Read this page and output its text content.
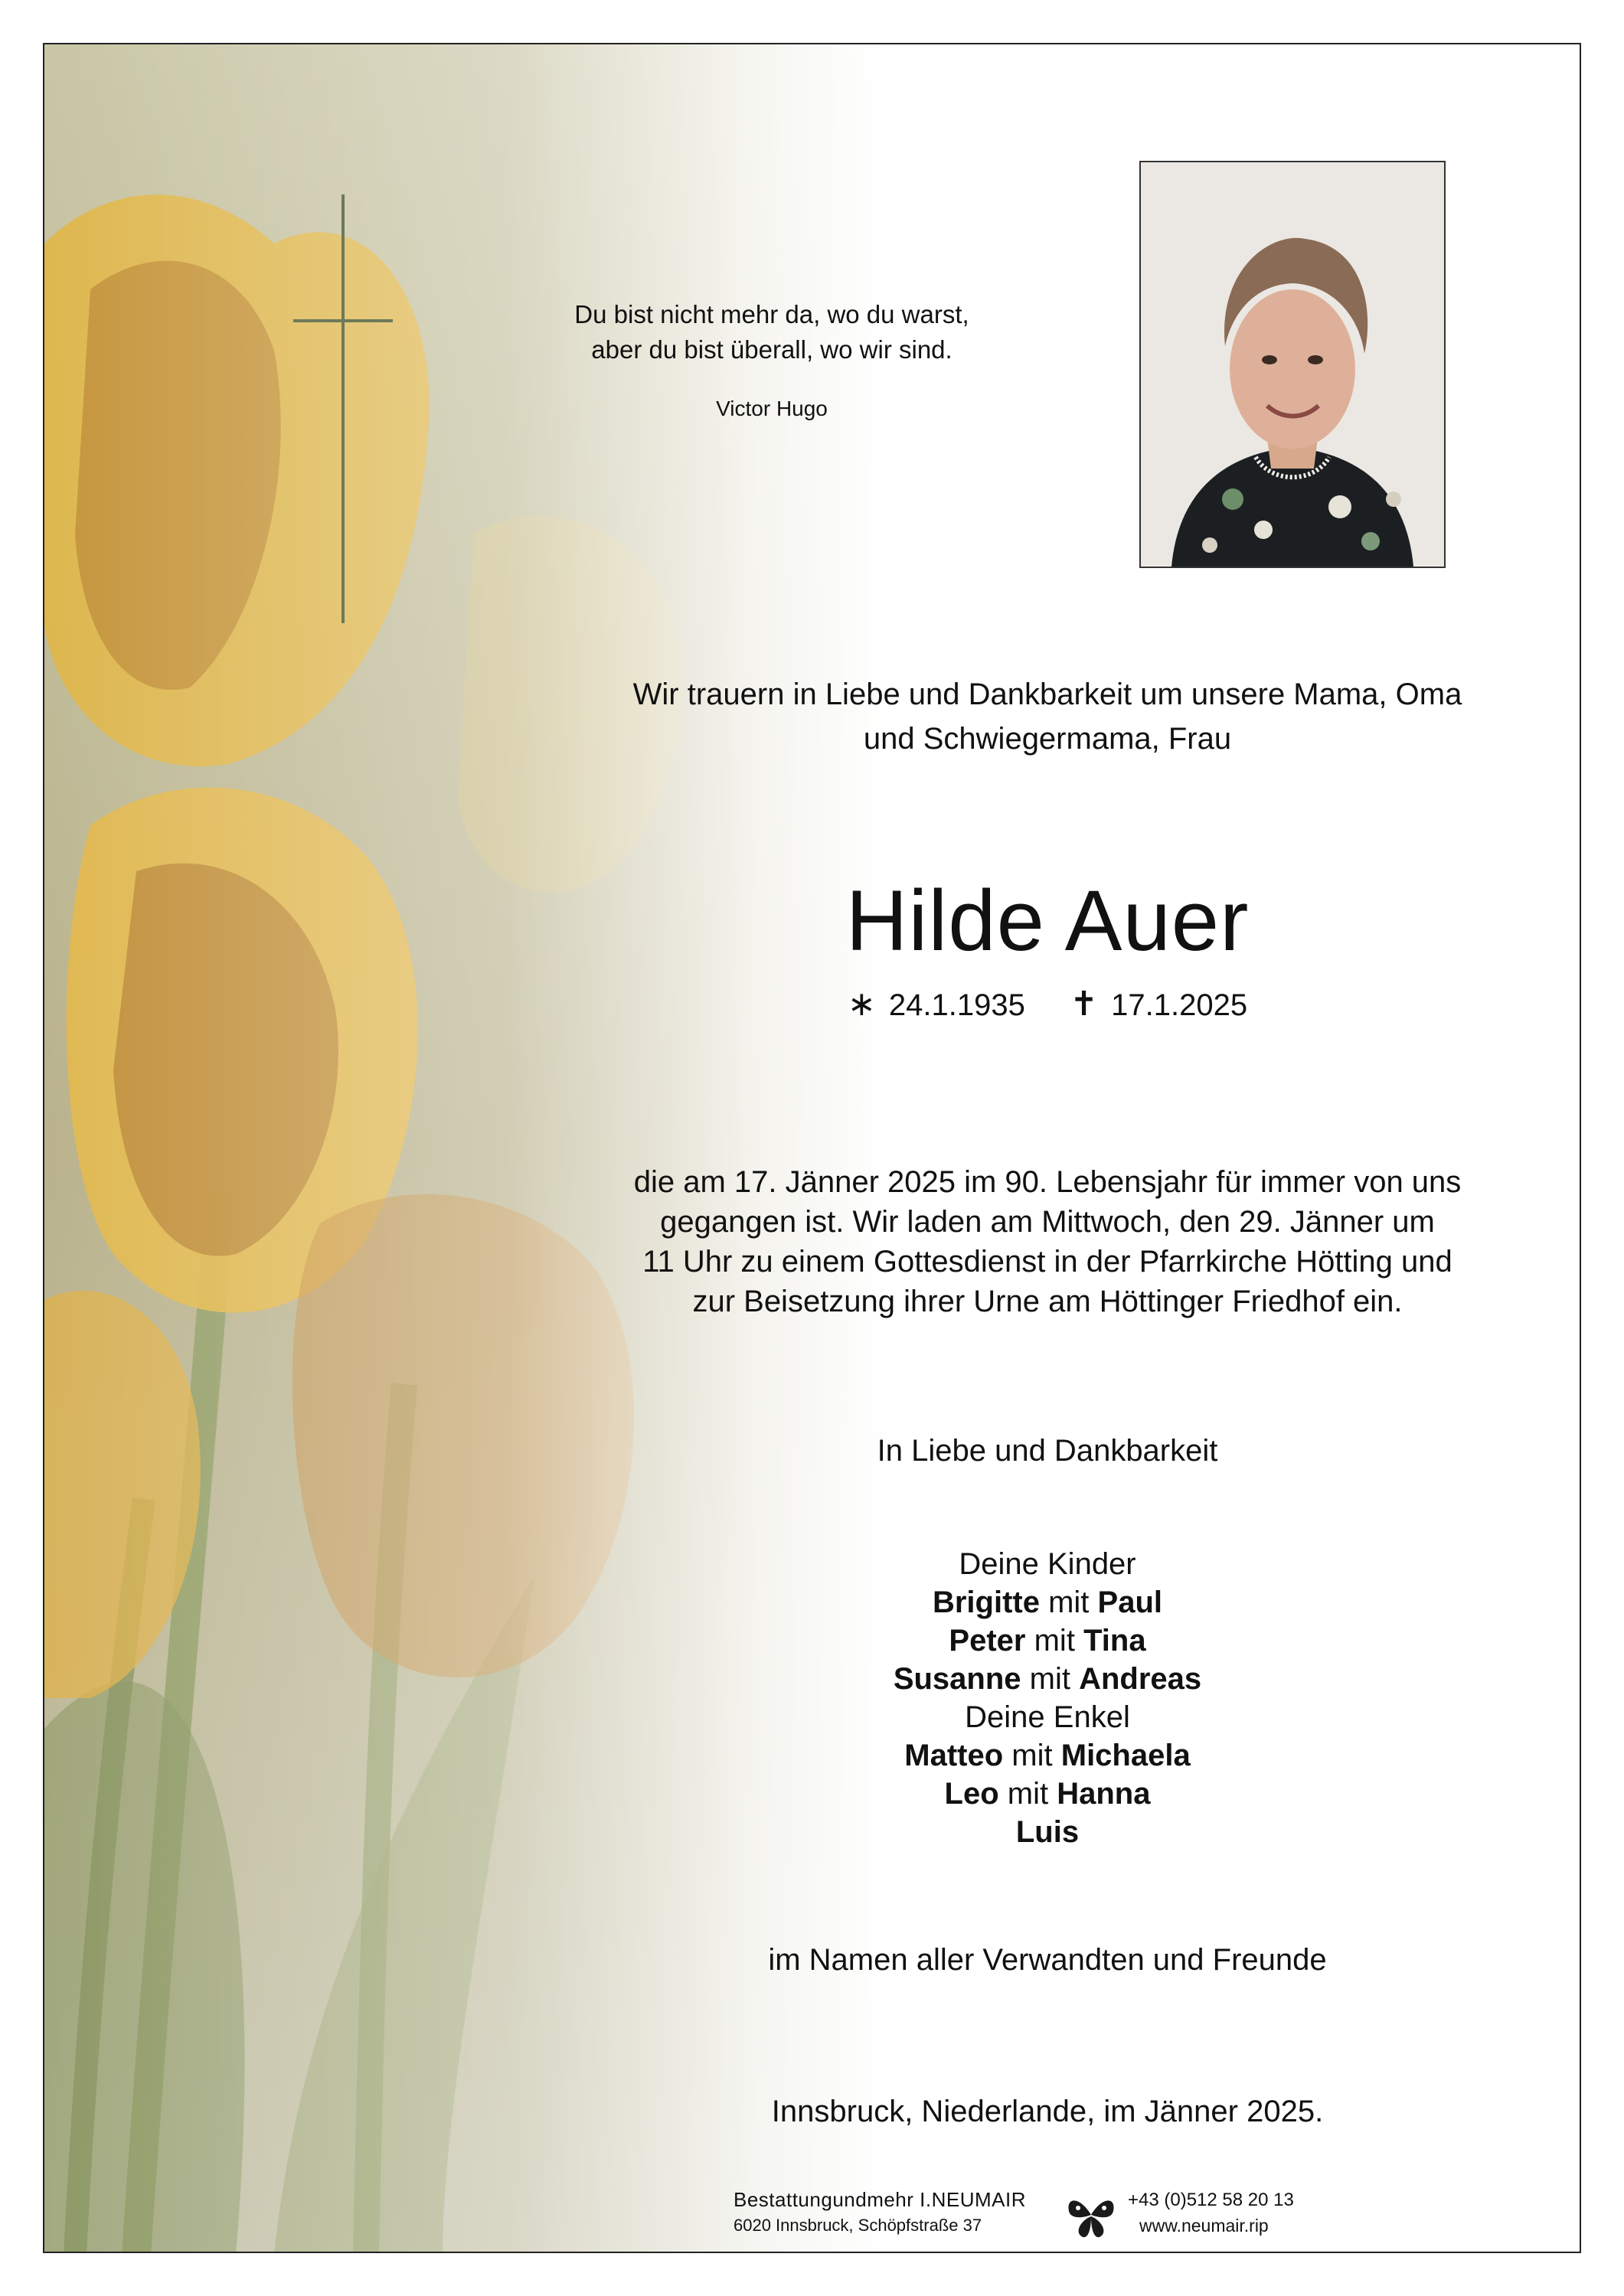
Du bist nicht mehr da, wo du warst,
aber du bist überall, wo wir sind.
Victor Hugo
Wir trauern in Liebe und Dankbarkeit um unsere Mama, Oma
und Schwiegermama, Frau
Hilde Auer
∗ 24.1.1935 ✝ 17.1.2025
die am 17. Jänner 2025 im 90. Lebensjahr für immer von uns
gegangen ist. Wir laden am Mittwoch, den 29. Jänner um
11 Uhr zu einem Gottesdienst in der Pfarrkirche Hötting und
zur Beisetzung ihrer Urne am Höttinger Friedhof ein.
In Liebe und Dankbarkeit
Deine Kinder
Brigitte mit Paul
Peter mit Tina
Susanne mit Andreas
Deine Enkel
Matteo mit Michaela
Leo mit Hanna
Luis
im Namen aller Verwandten und Freunde
Innsbruck, Niederlande, im Jänner 2025.
Bestattungundmehr I.NEUMAIR
6020 Innsbruck, Schöpfstraße 37
+43 (0)512 58 20 13
www.neumair.rip
